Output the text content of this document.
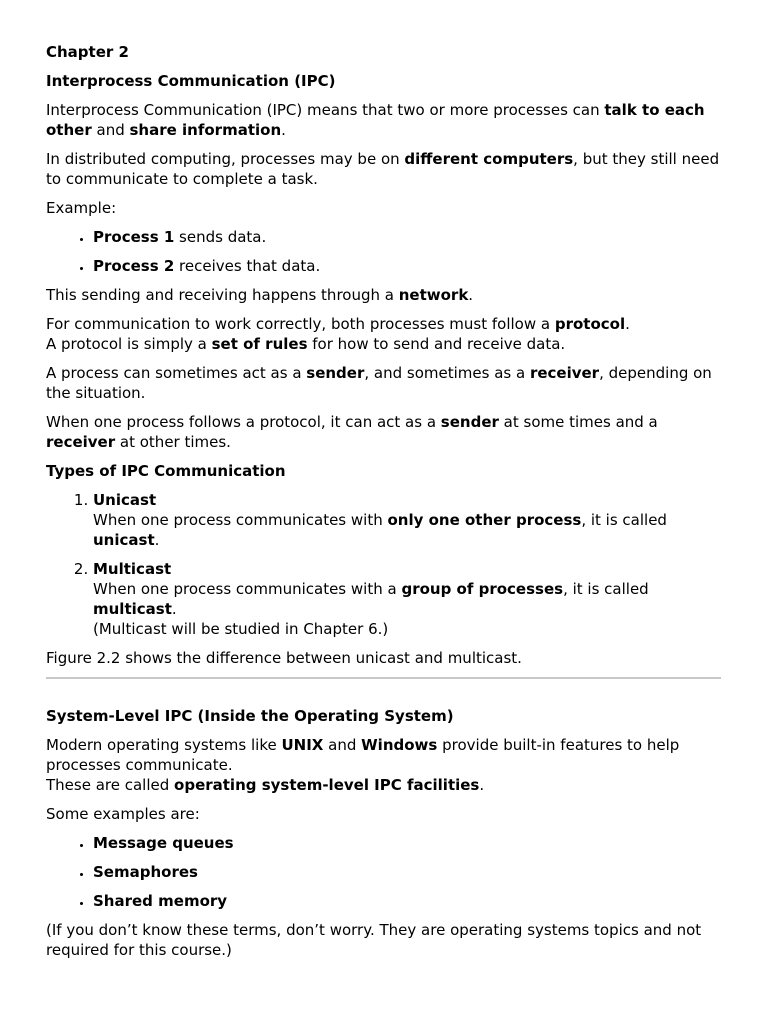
Chapter 2

Interprocess Communication (IPC)

Interprocess Communication (IPC) means that two or more processes can talk to each other and share information.

In distributed computing, processes may be on different computers, but they still need to communicate to complete a task.

Example:

• Process 1 sends data.
• Process 2 receives that data.

This sending and receiving happens through a network.

For communication to work correctly, both processes must follow a protocol.
A protocol is simply a set of rules for how to send and receive data.

A process can sometimes act as a sender, and sometimes as a receiver, depending on the situation.

When one process follows a protocol, it can act as a sender at some times and a receiver at other times.

Types of IPC Communication

1. Unicast
When one process communicates with only one other process, it is called unicast.
2. Multicast
When one process communicates with a group of processes, it is called multicast.
(Multicast will be studied in Chapter 6.)

Figure 2.2 shows the difference between unicast and multicast.

System-Level IPC (Inside the Operating System)

Modern operating systems like UNIX and Windows provide built-in features to help processes communicate.
These are called operating system-level IPC facilities.

Some examples are:

• Message queues
• Semaphores
• Shared memory

(If you don’t know these terms, don’t worry. They are operating systems topics and not required for this course.)
